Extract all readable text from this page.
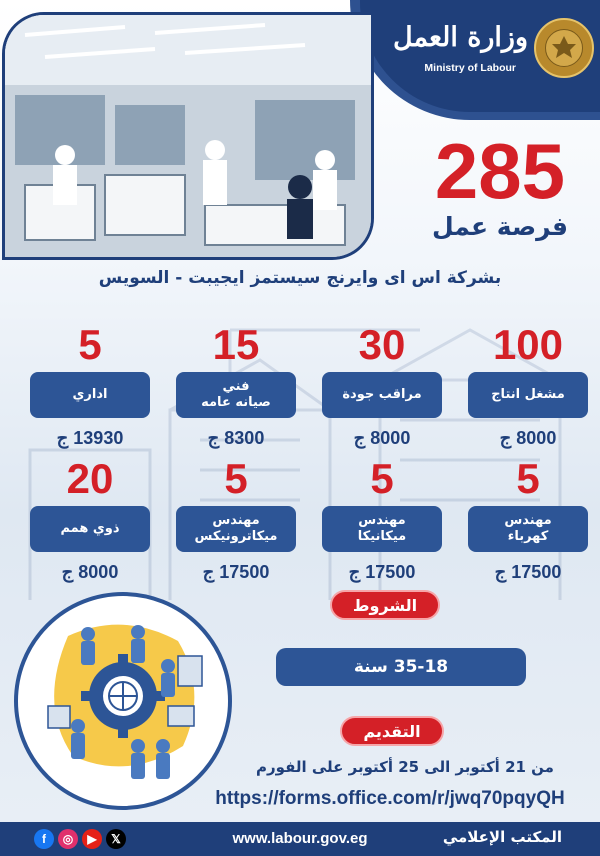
وزارة العمل
Ministry of Labour
285
فرصة عمل
بشركة اس اى وايرنج سيستمز ايجيبت - السويس
100
مشغل انتاج
8000 ج
30
مراقب جودة
8000 ج
15
فني
صيانه عامه
8300 ج
5
اداري
13930 ج
5
مهندس
كهرباء
17500 ج
5
مهندس
ميكانيكا
17500 ج
5
مهندس
ميكاترونيكس
17500 ج
20
ذوي همم
8000 ج
الشروط
35-18 سنة
التقديم
من 21 أكتوبر الى 25 أكتوبر على الفورم
https://forms.office.com/r/jwq70pqyQH
f	◎	▶	𝕏	www.labour.gov.eg	المكتب الإعلامي
